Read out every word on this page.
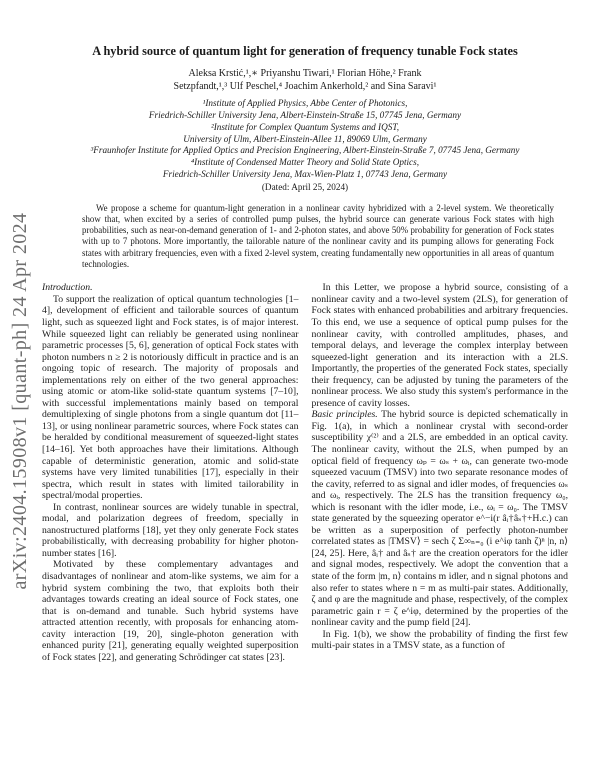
arXiv:2404.15908v1 [quant-ph] 24 Apr 2024
A hybrid source of quantum light for generation of frequency tunable Fock states
Aleksa Krstić,¹,∗ Priyanshu Tiwari,¹ Florian Höhe,² Frank
Setzpfandt,¹,³ Ulf Peschel,⁴ Joachim Ankerhold,² and Sina Saravi¹
¹Institute of Applied Physics, Abbe Center of Photonics,
Friedrich-Schiller University Jena, Albert-Einstein-Straße 15, 07745 Jena, Germany
²Institute for Complex Quantum Systems and IQST,
University of Ulm, Albert-Einstein-Allee 11, 89069 Ulm, Germany
³Fraunhofer Institute for Applied Optics and Precision Engineering, Albert-Einstein-Straße 7, 07745 Jena, Germany
⁴Institute of Condensed Matter Theory and Solid State Optics,
Friedrich-Schiller University Jena, Max-Wien-Platz 1, 07743 Jena, Germany
(Dated: April 25, 2024)
We propose a scheme for quantum-light generation in a nonlinear cavity hybridized with a 2-level system. We theoretically show that, when excited by a series of controlled pump pulses, the hybrid source can generate various Fock states with high probabilities, such as near-on-demand generation of 1- and 2-photon states, and above 50% probability for generation of Fock states with up to 7 photons. More importantly, the tailorable nature of the nonlinear cavity and its pumping allows for generating Fock states with arbitrary frequencies, even with a fixed 2-level system, creating fundamentally new opportunities in all areas of quantum technologies.
Introduction.

To support the realization of optical quantum technologies [1–4], development of efficient and tailorable sources of quantum light, such as squeezed light and Fock states, is of major interest. While squeezed light can reliably be generated using nonlinear parametric processes [5, 6], generation of optical Fock states with photon numbers n ≥ 2 is notoriously difficult in practice and is an ongoing topic of research. The majority of proposals and implementations rely on either of the two general approaches: using atomic or atom-like solid-state quantum systems [7–10], with successful implementations mainly based on temporal demultiplexing of single photons from a single quantum dot [11–13], or using nonlinear parametric sources, where Fock states can be heralded by conditional measurement of squeezed-light states [14–16]. Yet both approaches have their limitations. Although capable of deterministic generation, atomic and solid-state systems have very limited tunabilities [17], especially in their spectra, which result in states with limited tailorability in spectral/modal properties.

In contrast, nonlinear sources are widely tunable in spectral, modal, and polarization degrees of freedom, specially in nanostructured platforms [18], yet they only generate Fock states probabilistically, with decreasing probability for higher photon-number states [16].

Motivated by these complementary advantages and disadvantages of nonlinear and atom-like systems, we aim for a hybrid system combining the two, that exploits both their advantages towards creating an ideal source of Fock states, one that is on-demand and tunable. Such hybrid systems have attracted attention recently, with proposals for enhancing atom-cavity interaction [19, 20], single-photon generation with enhanced purity [21], generating equally weighted superposition of Fock states [22], and generating Schrödinger cat states [23].

In this Letter, we propose a hybrid source, consisting of a nonlinear cavity and a two-level system (2LS), for generation of Fock states with enhanced probabilities and arbitrary frequencies. To this end, we use a sequence of optical pump pulses for the nonlinear cavity, with controlled amplitudes, phases, and temporal delays, and leverage the complex interplay between squeezed-light generation and its interaction with a 2LS. Importantly, the properties of the generated Fock states, specially their frequency, can be adjusted by tuning the parameters of the nonlinear process. We also study this system's performance in the presence of cavity losses.

Basic principles. The hybrid source is depicted schematically in Fig. 1(a), in which a nonlinear crystal with second-order susceptibility χ⁽²⁾ and a 2LS, are embedded in an optical cavity. The nonlinear cavity, without the 2LS, when pumped by an optical field of frequency ωₚ = ωₛ + ωᵢ, can generate two-mode squeezed vacuum (TMSV) into two separate resonance modes of the cavity, referred to as signal and idler modes, of frequencies ωₛ and ωᵢ, respectively. The 2LS has the transition frequency ω₀, which is resonant with the idler mode, i.e., ωᵢ = ω₀. The TMSV state generated by the squeezing operator e^−i(r âᵢ†âₛ†+H.c.) can be written as a superposition of perfectly photon-number correlated states as |TMSV⟩ = sech ζ Σ∞ₙ₌₀ (i e^iφ tanh ζ)ⁿ |n, n⟩ [24, 25]. Here, âᵢ† and âₛ† are the creation operators for the idler and signal modes, respectively. We adopt the convention that a state of the form |m, n⟩ contains m idler, and n signal photons and also refer to states where n = m as multi-pair states. Additionally, ζ and φ are the magnitude and phase, respectively, of the complex parametric gain r = ζ e^iφ, determined by the properties of the nonlinear cavity and the pump field [24].

In Fig. 1(b), we show the probability of finding the first few multi-pair states in a TMSV state, as a function of
